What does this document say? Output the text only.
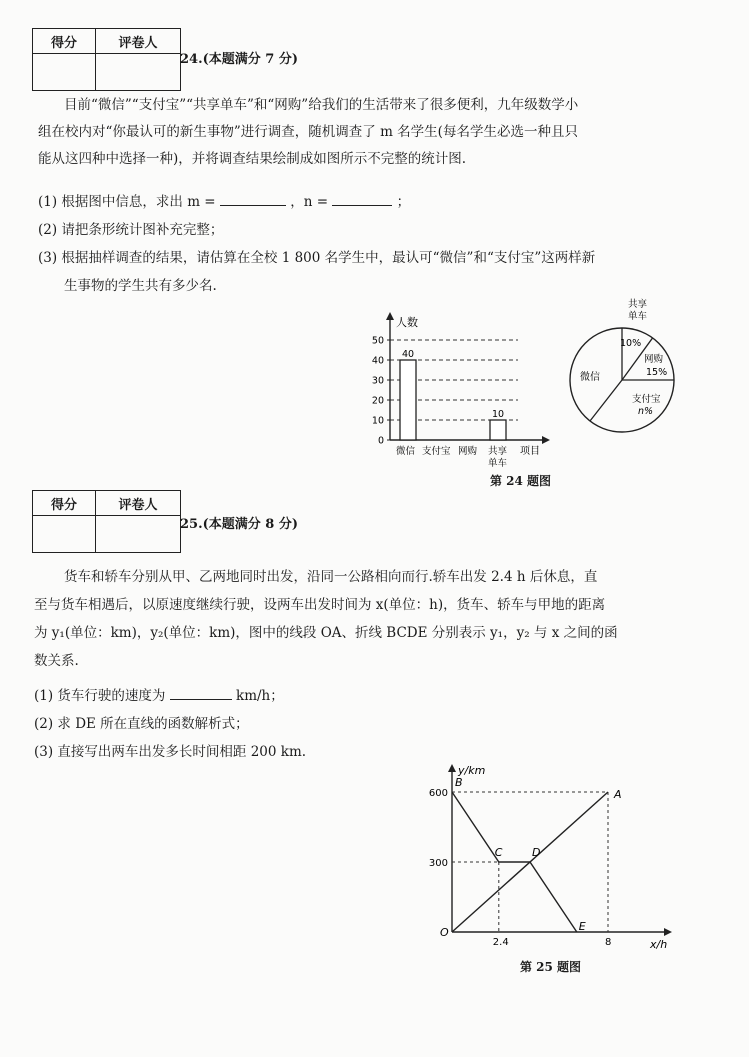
得分	评卷人

24.(本题满分 7 分)
目前“微信”“支付宝”“共享单车”和“网购”给我们的生活带来了很多便利，九年级数学小
组在校内对“你最认可的新生事物”进行调查，随机调查了 m 名学生(每名学生必选一种且只
能从这四种中选择一种)，并将调查结果绘制成如图所示不完整的统计图.
(1) 根据图中信息，求出 m =	，n =	；
(2) 请把条形统计图补充完整；
(3) 根据抽样调查的结果，请估算在全校 1 800 名学生中，最认可“微信”和“支付宝”这两样新
生事物的学生共有多少名.
人数
项目
0
10
20
30
40
50
40
10
微信 支付宝 网购 共享
单车
共享
单车
10%
网购
15%
微信
支付宝
n%
第 24 题图
得分	评卷人

25.(本题满分 8 分)
货车和轿车分别从甲、乙两地同时出发，沿同一公路相向而行.轿车出发 2.4 h 后休息，直
至与货车相遇后，以原速度继续行驶，设两车出发时间为 x(单位：h)，货车、轿车与甲地的距离
为 y₁(单位：km)，y₂(单位：km)，图中的线段 OA、折线 BCDE 分别表示 y₁，y₂ 与 x 之间的函
数关系.
(1) 货车行驶的速度为	km/h；
(2) 求 DE 所在直线的函数解析式；
(3) 直接写出两车出发多长时间相距 200 km.
y/km
x/h
2.4	8
300
600
O
A
B
C	D
E
第 25 题图
